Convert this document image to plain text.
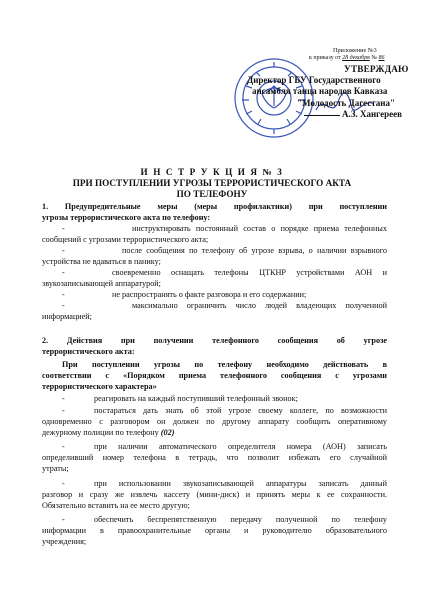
Приложение №3
к приказу от 28 декабря № 86
УТВЕРЖДАЮ
Директор ГБУ Государственного
ансамбля танца народов Кавказа
"Молодость Дагестана"
А.З. Хангереев
И Н С Т Р У К Ц И Я № 3
ПРИ ПОСТУПЛЕНИИ УГРОЗЫ ТЕРРОРИСТИЧЕСКОГО АКТА
ПО ТЕЛЕФОНУ
1. Предупредительные меры (меры профилактики) при поступлении
угрозы террористического акта по телефону:
-	инструктировать постоянный состав о порядке приема телефонных
сообщений с угрозами террористического акта;
-	после сообщения по телефону об угрозе взрыва, о наличии взрывного
устройства не вдаваться в панику;
-	своевременно оснащать телефоны ЦТКНР устройствами АОН и
звукозаписывающей аппаратурой;
-	не распространять о факте разговора и его содержании;
-	максимально ограничить число людей владеющих полученной
информацией;
2. Действия при получении телефонного сообщения об угрозе
террористического акта:
При поступлении угрозы по телефону необходимо действовать в
соответствии с «Порядком приема телефонного сообщения с угрозами
террористического характера»
-	реагировать на каждый поступивший телефонный звонок;
-	постараться дать знать об этой угрозе своему коллеге, по возможности
одновременно с разговором он должен по другому аппарату сообщить оперативному
дежурному полиции по телефону (02)
-	при наличии автоматического определителя номера (АОН) записать
определивший номер телефона в тетрадь, что позволит избежать его случайной
утраты;
-	при использовании звукозаписывающей аппаратуры записать данный
разговор и сразу же извлечь кассету (мини-диск) и принять меры к ее сохранности.
Обязательно вставить на ее место другую;
-	обеспечить беспрепятственную передачу полученной по телефону
информации в правоохранительные органы и руководителю образовательного
учреждения;
